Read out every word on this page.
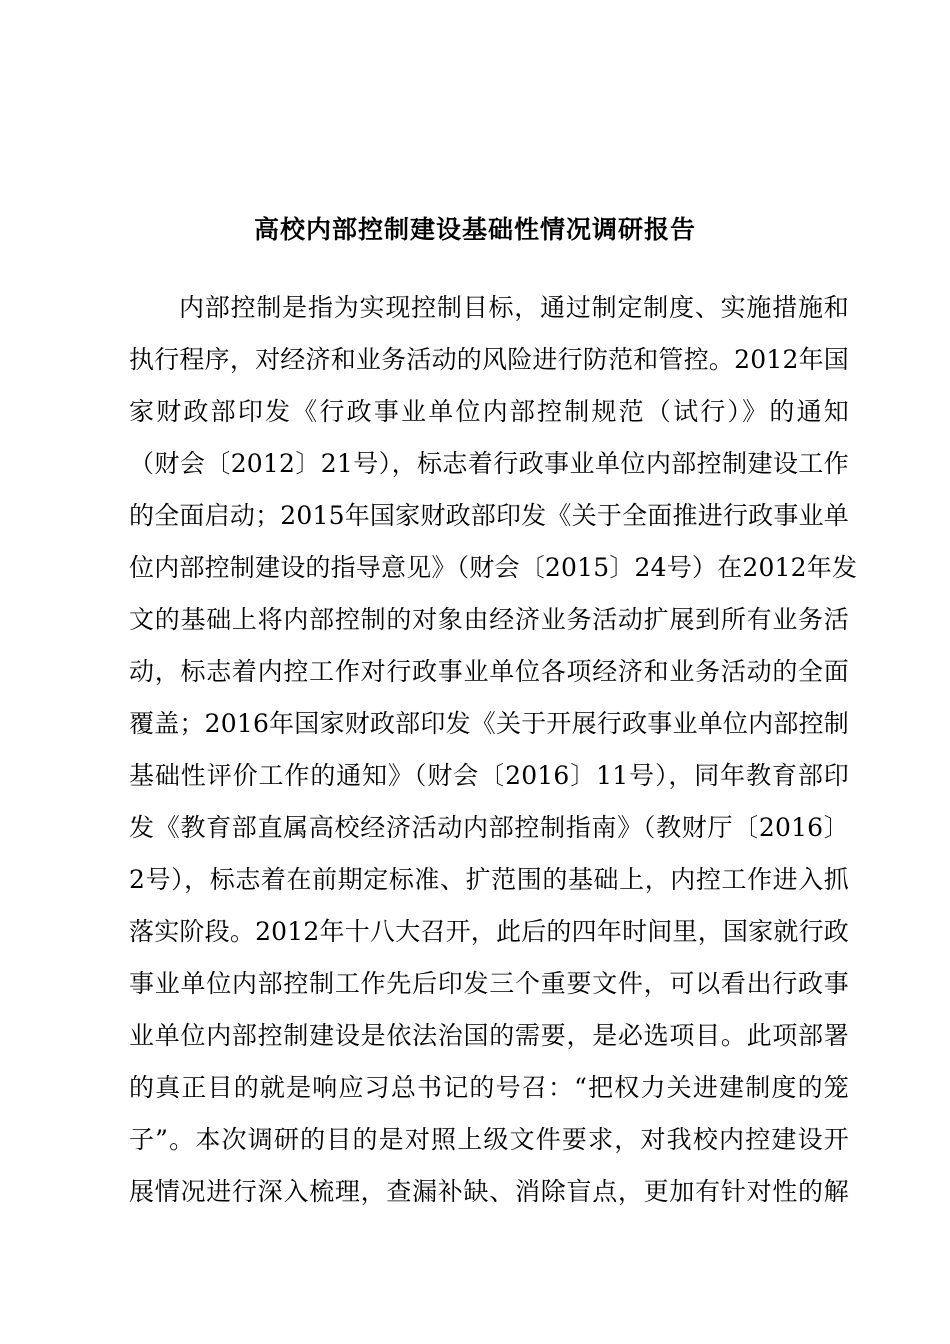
高校内部控制建设基础性情况调研报告
内部控制是指为实现控制目标，通过制定制度、实施措施和
执行程序，对经济和业务活动的风险进行防范和管控。2012年国
家财政部印发《行政事业单位内部控制规范（试行）》的通知
（财会〔2012〕21号），标志着行政事业单位内部控制建设工作
的全面启动；2015年国家财政部印发《关于全面推进行政事业单
位内部控制建设的指导意见》（财会〔2015〕24号）在2012年发
文的基础上将内部控制的对象由经济业务活动扩展到所有业务活
动，标志着内控工作对行政事业单位各项经济和业务活动的全面
覆盖；2016年国家财政部印发《关于开展行政事业单位内部控制
基础性评价工作的通知》（财会〔2016〕11号），同年教育部印
发《教育部直属高校经济活动内部控制指南》（教财厅〔2016〕
2号），标志着在前期定标准、扩范围的基础上，内控工作进入抓
落实阶段。2012年十八大召开，此后的四年时间里，国家就行政
事业单位内部控制工作先后印发三个重要文件，可以看出行政事
业单位内部控制建设是依法治国的需要，是必选项目。此项部署
的真正目的就是响应习总书记的号召：“把权力关进建制度的笼
子”。本次调研的目的是对照上级文件要求，对我校内控建设开
展情况进行深入梳理，查漏补缺、消除盲点，更加有针对性的解
